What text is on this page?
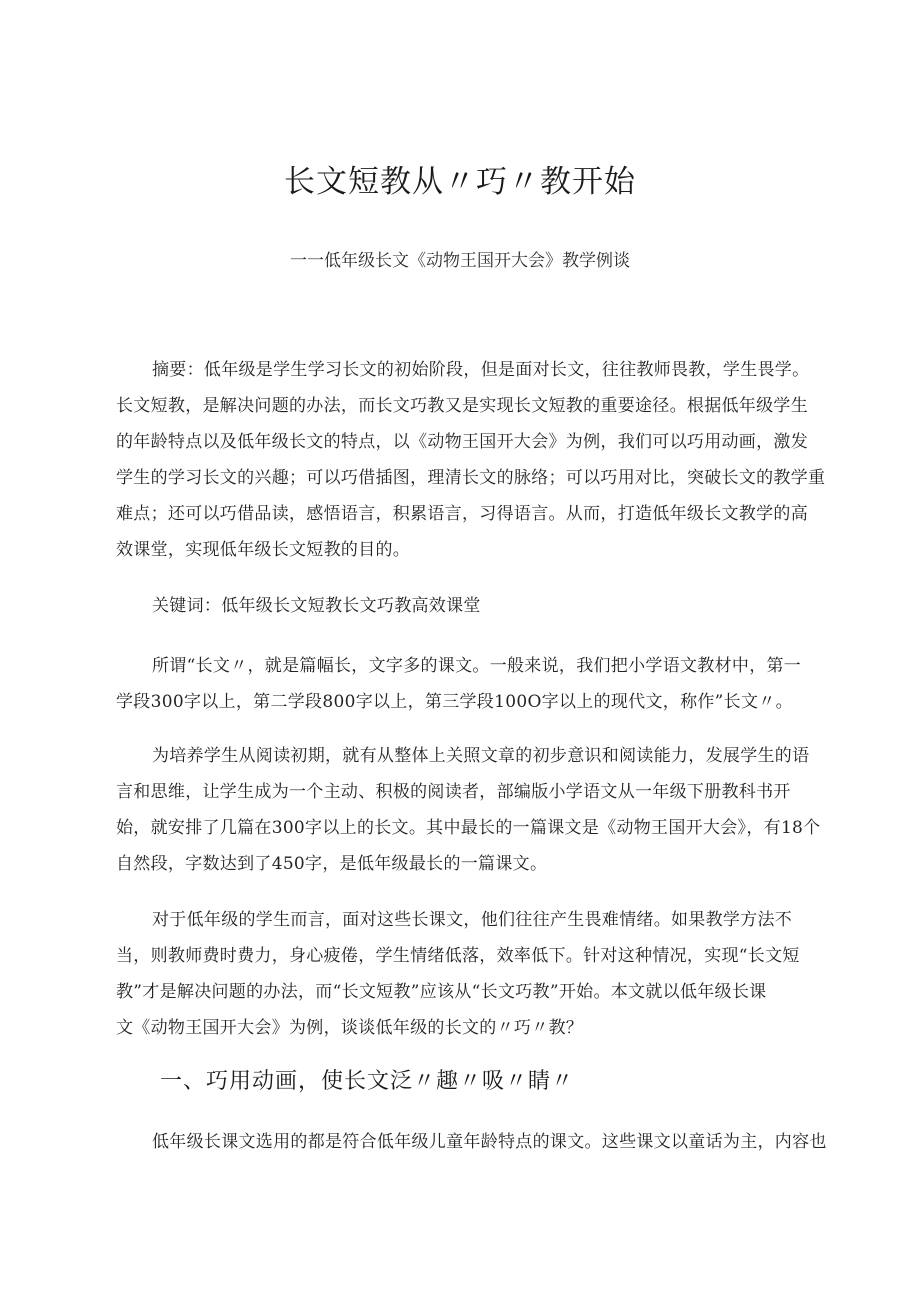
长文短教从〃巧〃教开始
一一低年级长文《动物王国开大会》教学例谈
摘要：低年级是学生学习长文的初始阶段，但是面对长文，往往教师畏教，学生畏学。
长文短教，是解决问题的办法，而长文巧教又是实现长文短教的重要途径。根据低年级学生
的年龄特点以及低年级长文的特点，以《动物王国开大会》为例，我们可以巧用动画，激发
学生的学习长文的兴趣；可以巧借插图，理清长文的脉络；可以巧用对比，突破长文的教学重
难点；还可以巧借品读，感悟语言，积累语言，习得语言。从而，打造低年级长文教学的高
效课堂，实现低年级长文短教的目的。
关键词：低年级长文短教长文巧教高效课堂
所谓“长文〃，就是篇幅长，文字多的课文。一般来说，我们把小学语文教材中，第一
学段300字以上，第二学段800字以上，第三学段100O字以上的现代文，称作”长文〃。
为培养学生从阅读初期，就有从整体上关照文章的初步意识和阅读能力，发展学生的语
言和思维，让学生成为一个主动、积极的阅读者，部编版小学语文从一年级下册教科书开
始，就安排了几篇在300字以上的长文。其中最长的一篇课文是《动物王国开大会》，有18个
自然段，字数达到了450字，是低年级最长的一篇课文。
对于低年级的学生而言，面对这些长课文，他们往往产生畏难情绪。如果教学方法不
当，则教师费时费力，身心疲倦，学生情绪低落，效率低下。针对这种情况，实现“长文短
教”才是解决问题的办法，而“长文短教”应该从“长文巧教”开始。本文就以低年级长课
文《动物王国开大会》为例，谈谈低年级的长文的〃巧〃教？
一、巧用动画，使长文泛〃趣〃吸〃睛〃
低年级长课文选用的都是符合低年级儿童年龄特点的课文。这些课文以童话为主，内容也
